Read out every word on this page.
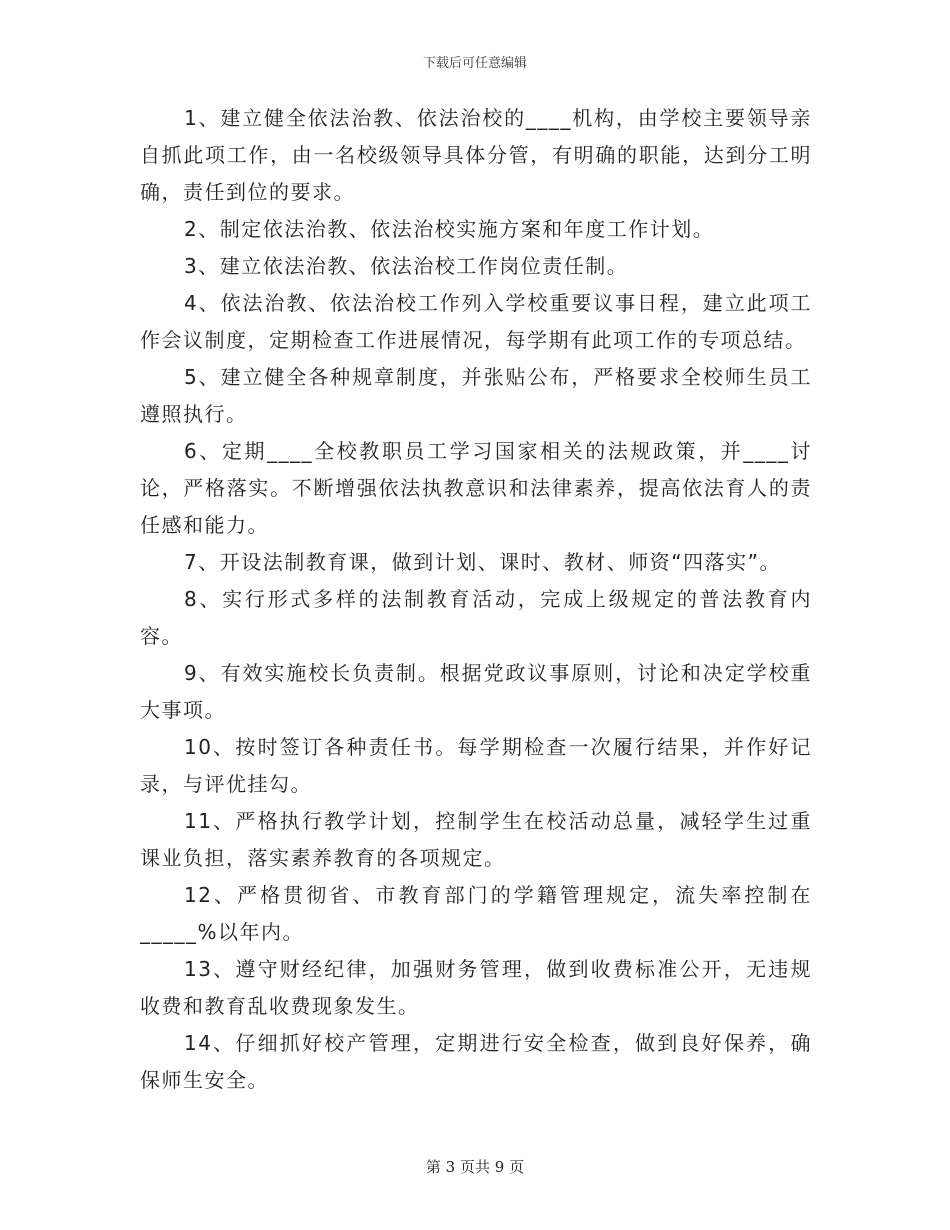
下载后可任意编辑

1、建立健全依法治教、依法治校的____机构，由学校主要领导亲自抓此项工作，由一名校级领导具体分管，有明确的职能，达到分工明确，责任到位的要求。

2、制定依法治教、依法治校实施方案和年度工作计划。

3、建立依法治教、依法治校工作岗位责任制。

4、依法治教、依法治校工作列入学校重要议事日程，建立此项工作会议制度，定期检查工作进展情况，每学期有此项工作的专项总结。

5、建立健全各种规章制度，并张贴公布，严格要求全校师生员工遵照执行。

6、定期____全校教职员工学习国家相关的法规政策，并____讨论，严格落实。不断增强依法执教意识和法律素养，提高依法育人的责任感和能力。

7、开设法制教育课，做到计划、课时、教材、师资“四落实”。

8、实行形式多样的法制教育活动，完成上级规定的普法教育内容。

9、有效实施校长负责制。根据党政议事原则，讨论和决定学校重大事项。

10、按时签订各种责任书。每学期检查一次履行结果，并作好记录，与评优挂勾。

11、严格执行教学计划，控制学生在校活动总量，减轻学生过重课业负担，落实素养教育的各项规定。

12、严格贯彻省、市教育部门的学籍管理规定，流失率控制在_____%以年内。

13、遵守财经纪律，加强财务管理，做到收费标准公开，无违规收费和教育乱收费现象发生。

14、仔细抓好校产管理，定期进行安全检查，做到良好保养，确保师生安全。

第 3 页共 9 页
